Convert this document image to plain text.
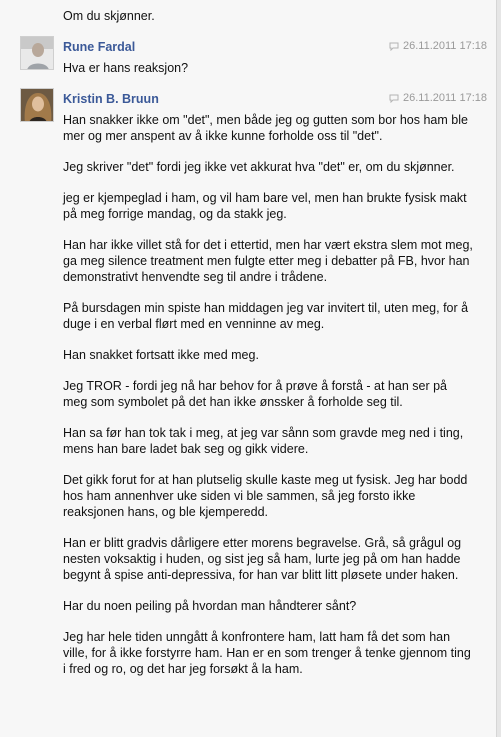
Om du skjønner.
Rune Fardal	26.11.2011 17:18

Hva er hans reaksjon?

Kristin B. Bruun	26.11.2011 17:18

Han snakker ikke om "det", men både jeg og gutten som bor hos ham ble mer og mer anspent av å ikke kunne forholde oss til "det".

Jeg skriver "det" fordi jeg ikke vet akkurat hva "det" er, om du skjønner.

jeg er kjempeglad i ham, og vil ham bare vel, men han brukte fysisk makt på meg forrige mandag, og da stakk jeg.

Han har ikke villet stå for det i ettertid, men har vært ekstra slem mot meg, ga meg silence treatment men fulgte etter meg i debatter på FB, hvor han demonstrativt henvendte seg til andre i trådene.

På bursdagen min spiste han middagen jeg var invitert til, uten meg, for å duge i en verbal flørt med en venninne av meg.

Han snakket fortsatt ikke med meg.

Jeg TROR - fordi jeg nå har behov for å prøve å forstå - at han ser på meg som symbolet på det han ikke ønssker å forholde seg til.

Han sa før han tok tak i meg, at jeg var sånn som gravde meg ned i ting, mens han bare ladet bak seg og gikk videre.

Det gikk forut for at han plutselig skulle kaste meg ut fysisk. Jeg har bodd hos ham annenhver uke siden vi ble sammen, så jeg forsto ikke reaksjonen hans, og ble kjemperedd.

Han er blitt gradvis dårligere etter morens begravelse. Grå, så grågul og nesten voksaktig i huden, og sist jeg så ham, lurte jeg på om han hadde begynt å spise anti-depressiva, for han var blitt litt pløsete under haken.

Har du noen peiling på hvordan man håndterer sånt?

Jeg har hele tiden unngått å konfrontere ham, latt ham få det som han ville, for å ikke forstyrre ham. Han er en som trenger å tenke gjennom ting i fred og ro, og det har jeg forsøkt å la ham.
